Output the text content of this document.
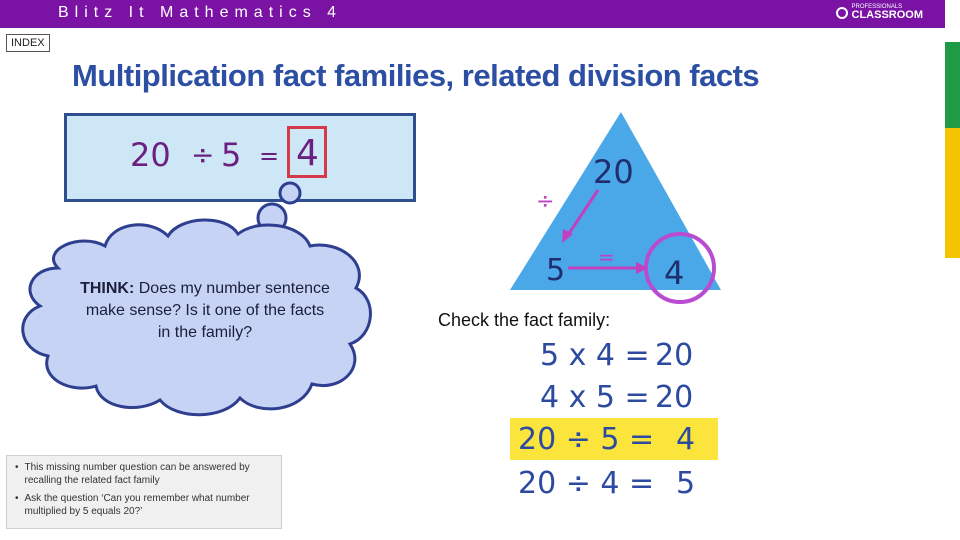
Blitz It Mathematics 4	PROFESSIONALS
CLASSROOM
INDEX
Multiplication fact families, related division facts
20 ÷ 5 = 4
THINK: Does my number sentence make sense? Is it one of the facts in the family?
• This missing number question can be answered by recalling the related fact family
• Ask the question ‘Can you remember what number multiplied by 5 equals 20?’
20
5	4
÷
=
Check the fact family:
5 x 4 = 20
4 x 5 = 20
20 ÷ 5 = 4
20 ÷ 4 = 5
